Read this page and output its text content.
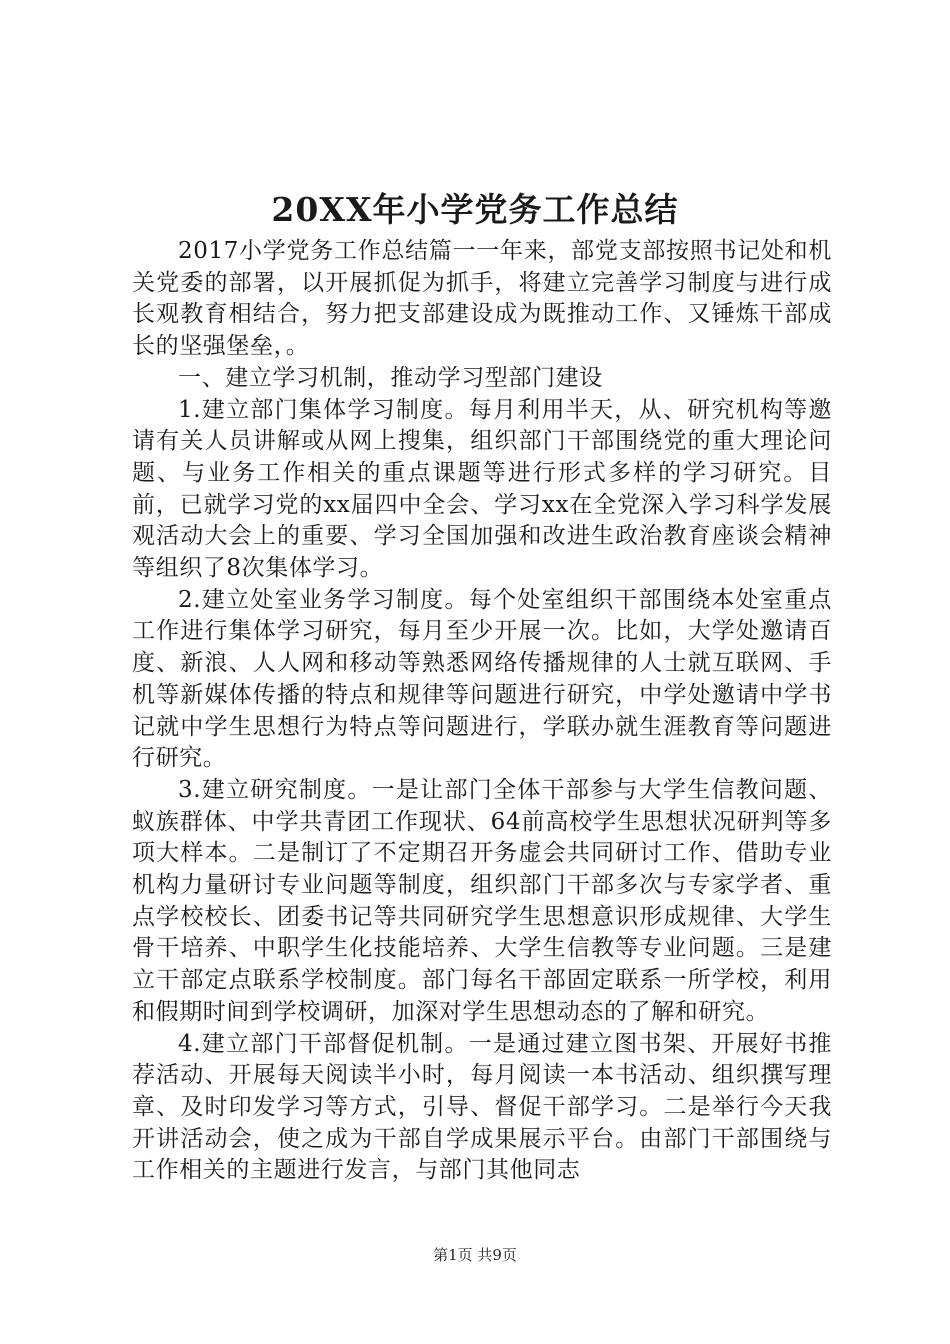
20XX年小学党务工作总结

2017小学党务工作总结篇一一年来，部党支部按照书记处和机关党委的部署，以开展抓促为抓手，将建立完善学习制度与进行成长观教育相结合，努力把支部建设成为既推动工作、又锤炼干部成长的坚强堡垒，。

一、建立学习机制，推动学习型部门建设

1.建立部门集体学习制度。每月利用半天，从、研究机构等邀请有关人员讲解或从网上搜集，组织部门干部围绕党的重大理论问题、与业务工作相关的重点课题等进行形式多样的学习研究。目前，已就学习党的xx届四中全会、学习xx在全党深入学习科学发展观活动大会上的重要、学习全国加强和改进生政治教育座谈会精神等组织了8次集体学习。

2.建立处室业务学习制度。每个处室组织干部围绕本处室重点工作进行集体学习研究，每月至少开展一次。比如，大学处邀请百度、新浪、人人网和移动等熟悉网络传播规律的人士就互联网、手机等新媒体传播的特点和规律等问题进行研究，中学处邀请中学书记就中学生思想行为特点等问题进行，学联办就生涯教育等问题进行研究。

3.建立研究制度。一是让部门全体干部参与大学生信教问题、蚁族群体、中学共青团工作现状、64前高校学生思想状况研判等多项大样本。二是制订了不定期召开务虚会共同研讨工作、借助专业机构力量研讨专业问题等制度，组织部门干部多次与专家学者、重点学校校长、团委书记等共同研究学生思想意识形成规律、大学生骨干培养、中职学生化技能培养、大学生信教等专业问题。三是建立干部定点联系学校制度。部门每名干部固定联系一所学校，利用和假期时间到学校调研，加深对学生思想动态的了解和研究。

4.建立部门干部督促机制。一是通过建立图书架、开展好书推荐活动、开展每天阅读半小时，每月阅读一本书活动、组织撰写理章、及时印发学习等方式，引导、督促干部学习。二是举行今天我开讲活动会，使之成为干部自学成果展示平台。由部门干部围绕与工作相关的主题进行发言，与部门其他同志

第1页 共9页
